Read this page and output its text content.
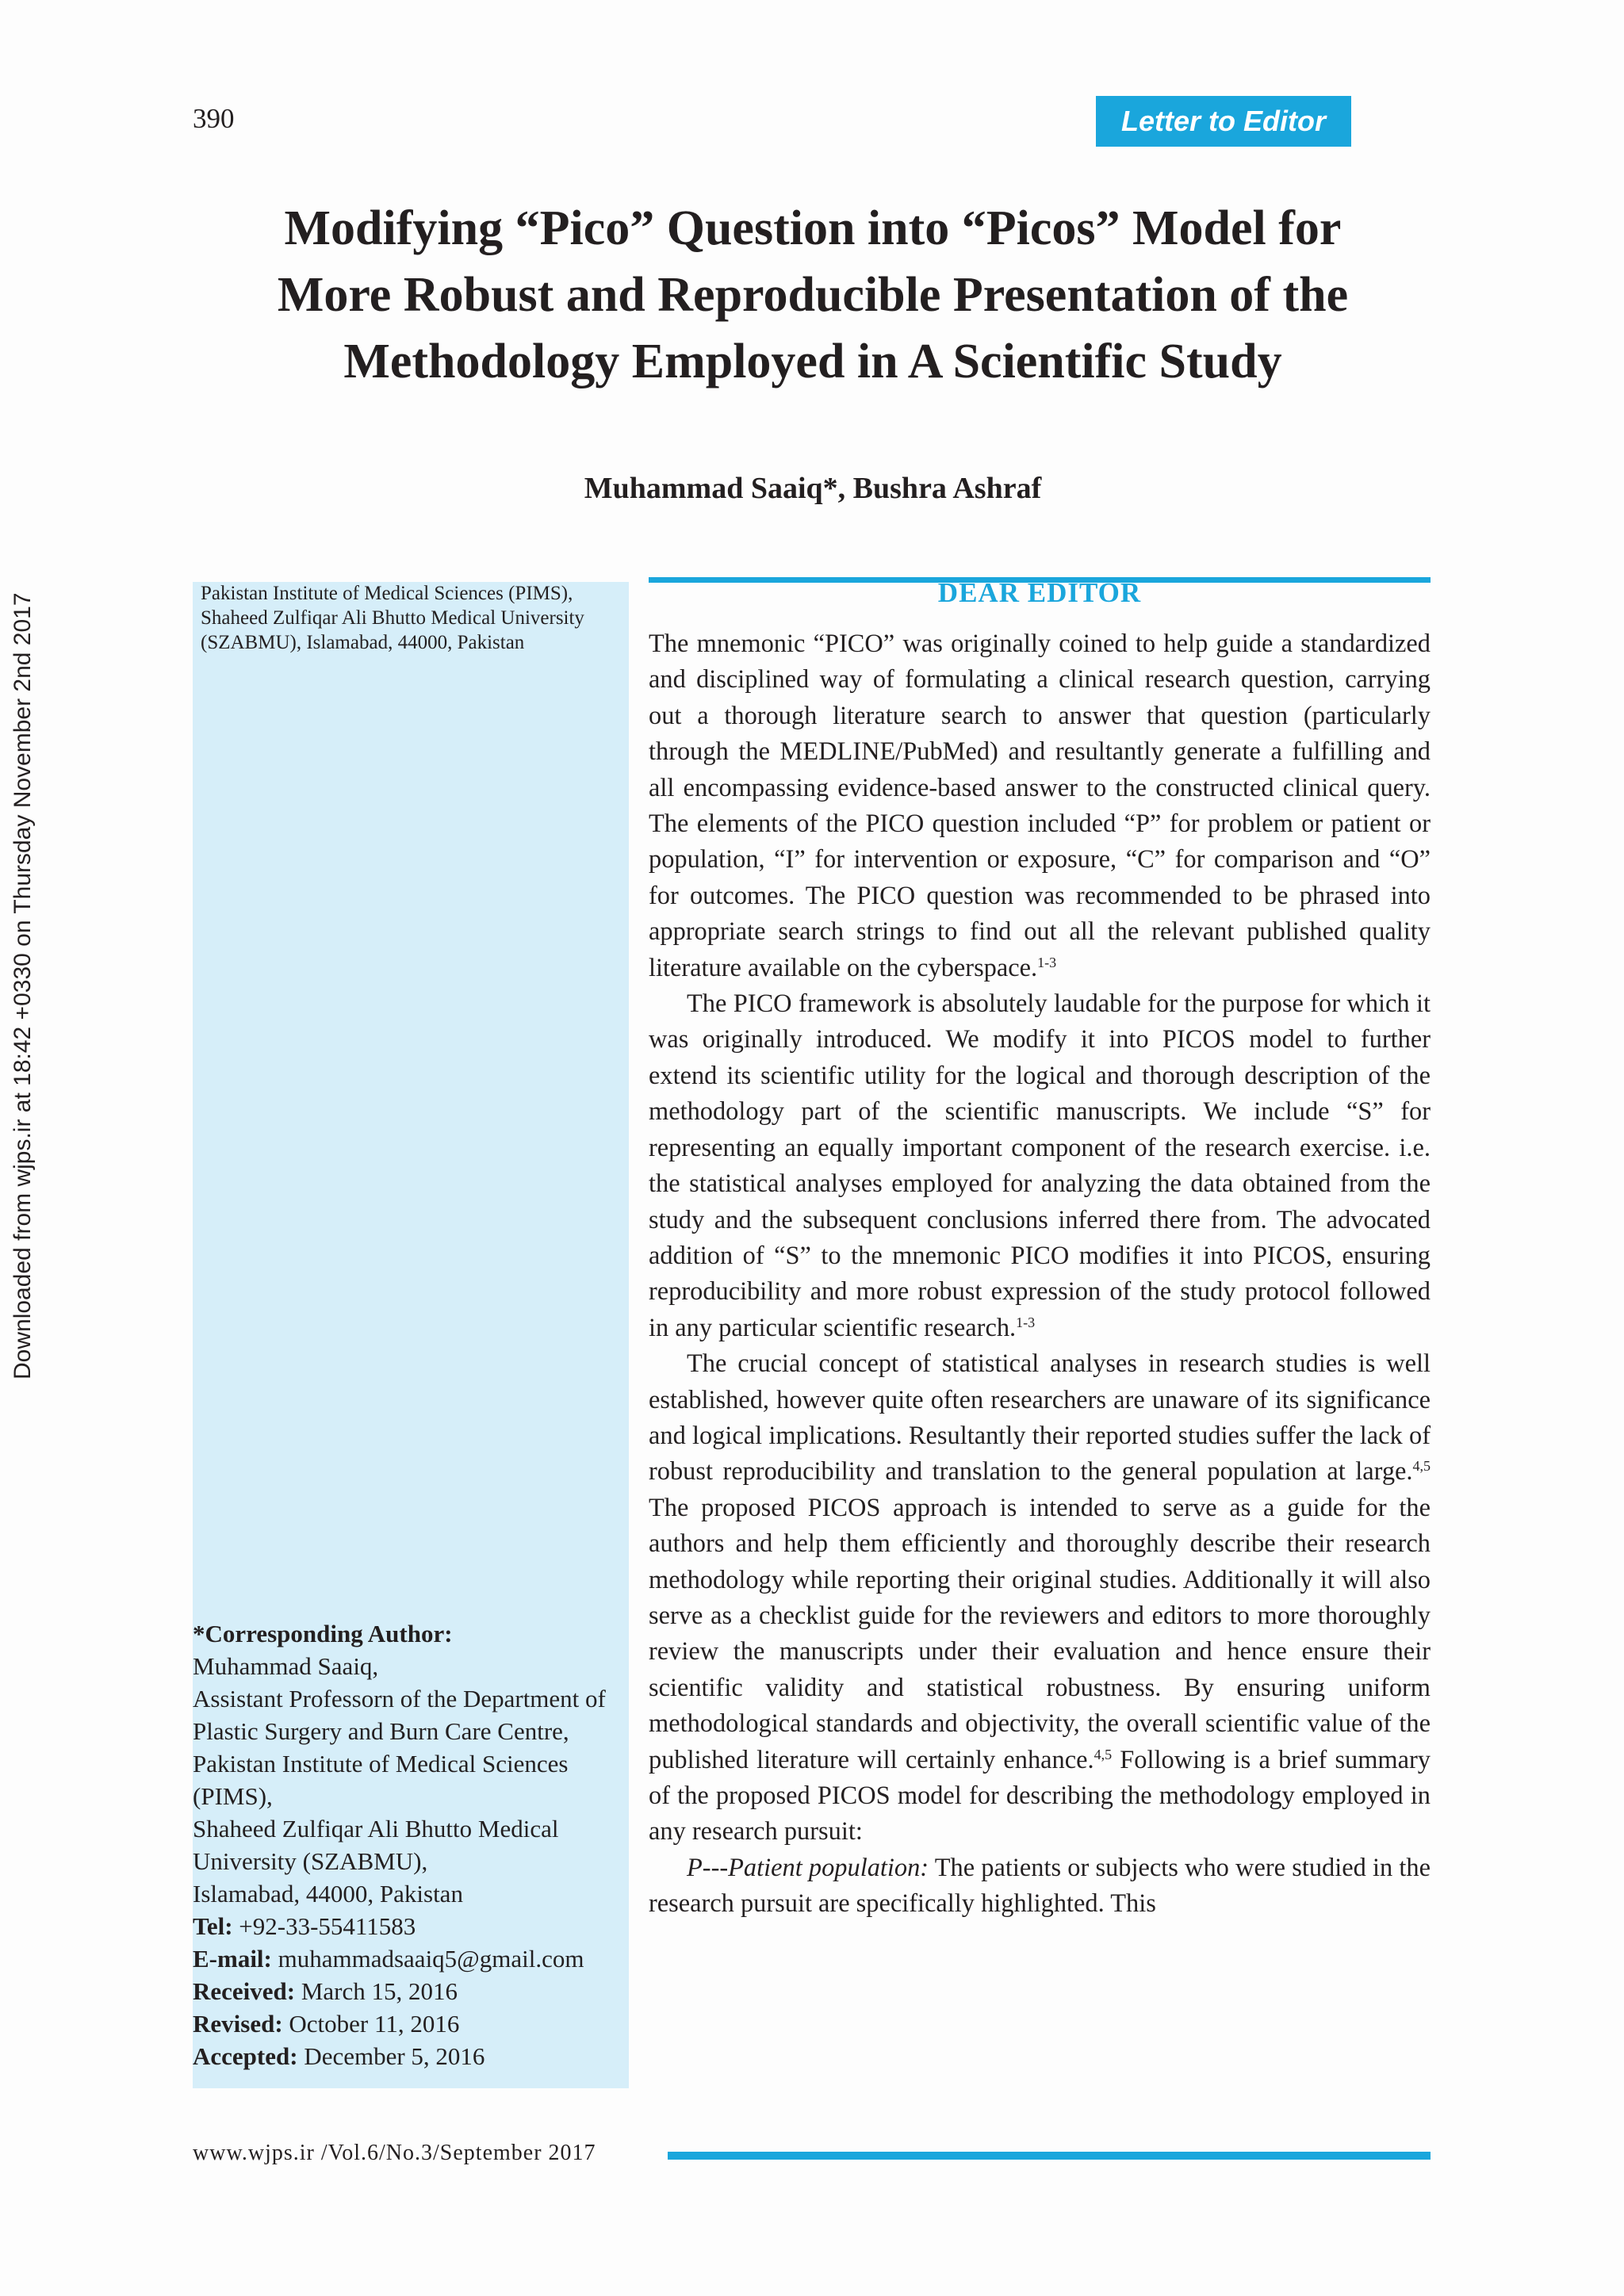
390	Letter to Editor
Downloaded from wjps.ir at 18:42 +0330 on Thursday November 2nd 2017
Modifying “Pico” Question into “Picos” Model for
More Robust and Reproducible Presentation of the
Methodology Employed in A Scientific Study
Muhammad Saaiq*, Bushra Ashraf
Pakistan Institute of Medical Sciences (PIMS), Shaheed Zulfiqar Ali Bhutto Medical University (SZABMU), Islamabad, 44000, Pakistan
*Corresponding Author:
Muhammad Saaiq,
Assistant Professorn of the Department of Plastic Surgery and Burn Care Centre, Pakistan Institute of Medical Sciences (PIMS),
Shaheed Zulfiqar Ali Bhutto Medical University (SZABMU),
Islamabad, 44000, Pakistan
Tel: +92-33-55411583
E-mail: muhammadsaaiq5@gmail.com
Received: March 15, 2016
Revised: October 11, 2016
Accepted: December 5, 2016
DEAR EDITOR

The mnemonic “PICO” was originally coined to help guide a standardized and disciplined way of formulating a clinical research question, carrying out a thorough literature search to answer that question (particularly through the MEDLINE/PubMed) and resultantly generate a fulfilling and all encompassing evidence-based answer to the constructed clinical query. The elements of the PICO question included “P” for problem or patient or population, “I” for intervention or exposure, “C” for comparison and “O” for outcomes. The PICO question was recommended to be phrased into appropriate search strings to find out all the relevant published quality literature available on the cyberspace.$^{1-3}$

The PICO framework is absolutely laudable for the purpose for which it was originally introduced. We modify it into PICOS model to further extend its scientific utility for the logical and thorough description of the methodology part of the scientific manuscripts. We include “S” for representing an equally important component of the research exercise. i.e. the statistical analyses employed for analyzing the data obtained from the study and the subsequent conclusions inferred there from. The advocated addition of “S” to the mnemonic PICO modifies it into PICOS, ensuring reproducibility and more robust expression of the study protocol followed in any particular scientific research.$^{1-3}$

The crucial concept of statistical analyses in research studies is well established, however quite often researchers are unaware of its significance and logical implications. Resultantly their reported studies suffer the lack of robust reproducibility and translation to the general population at large.$^{4,5}$ The proposed PICOS approach is intended to serve as a guide for the authors and help them efficiently and thoroughly describe their research methodology while reporting their original studies. Additionally it will also serve as a checklist guide for the reviewers and editors to more thoroughly review the manuscripts under their evaluation and hence ensure their scientific validity and statistical robustness. By ensuring uniform methodological standards and objectivity, the overall scientific value of the published literature will certainly enhance.$^{4,5}$ Following is a brief summary of the proposed PICOS model for describing the methodology employed in any research pursuit:

P---Patient population: The patients or subjects who were studied in the research pursuit are specifically highlighted. This

www.wjps.ir /Vol.6/No.3/September 2017
